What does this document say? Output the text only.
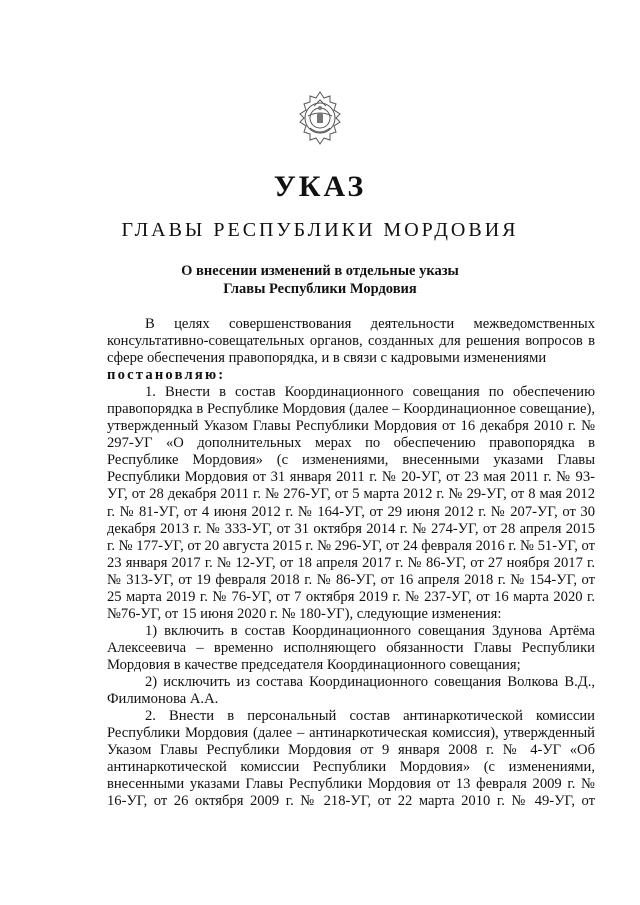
УКАЗ
ГЛАВЫ РЕСПУБЛИКИ МОРДОВИЯ
О внесении изменений в отдельные указы
Главы Республики Мордовия

В целях совершенствования деятельности межведомственных консультативно-совещательных органов, созданных для решения вопросов в сфере обеспечения правопорядка, и в связи с кадровыми изменениями

постановляю:

1. Внести в состав Координационного совещания по обеспечению правопорядка в Республике Мордовия (далее – Координационное совещание), утвержденный Указом Главы Республики Мордовия от 16 декабря 2010 г. № 297-УГ «О дополнительных мерах по обеспечению правопорядка в Республике Мордовия» (с изменениями, внесенными указами Главы Республики Мордовия от 31 января 2011 г. № 20-УГ, от 23 мая 2011 г. № 93-УГ, от 28 декабря 2011 г. № 276-УГ, от 5 марта 2012 г. № 29-УГ, от 8 мая 2012 г. № 81-УГ, от 4 июня 2012 г. № 164-УГ, от 29 июня 2012 г. № 207-УГ, от 30 декабря 2013 г. № 333-УГ, от 31 октября 2014 г. № 274-УГ, от 28 апреля 2015 г. № 177-УГ, от 20 августа 2015 г. № 296-УГ, от 24 февраля 2016 г. № 51-УГ, от 23 января 2017 г. № 12-УГ, от 18 апреля 2017 г. № 86-УГ, от 27 ноября 2017 г. № 313-УГ, от 19 февраля 2018 г. № 86-УГ, от 16 апреля 2018 г. № 154-УГ, от 25 марта 2019 г. № 76-УГ, от 7 октября 2019 г. № 237-УГ, от 16 марта 2020 г. №76-УГ, от 15 июня 2020 г. № 180-УГ), следующие изменения:

1) включить в состав Координационного совещания Здунова Артёма Алексеевича – временно исполняющего обязанности Главы Республики Мордовия в качестве председателя Координационного совещания;

2) исключить из состава Координационного совещания Волкова В.Д., Филимонова А.А.

2. Внести в персональный состав антинаркотической комиссии Республики Мордовия (далее – антинаркотическая комиссия), утвержденный Указом Главы Республики Мордовия от 9 января 2008 г. № 4-УГ «Об антинаркотической комиссии Республики Мордовия» (с изменениями, внесенными указами Главы Республики Мордовия от 13 февраля 2009 г. № 16-УГ, от 26 октября 2009 г. № 218-УГ, от 22 марта 2010 г. № 49-УГ, от
